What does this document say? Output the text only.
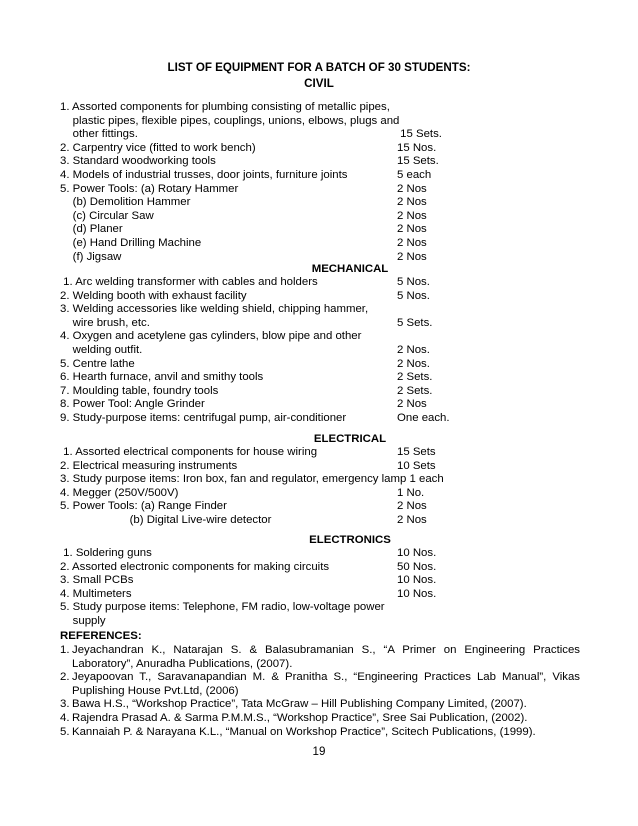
LIST OF EQUIPMENT FOR A BATCH OF 30 STUDENTS:
CIVIL
1. Assorted components for plumbing consisting of metallic pipes,
plastic pipes, flexible pipes, couplings, unions, elbows, plugs and
other fittings.	15 Sets.
2. Carpentry vice (fitted to work bench)	15 Nos.
3. Standard woodworking tools	15 Sets.
4. Models of industrial trusses, door joints, furniture joints	5 each
5. Power Tools: (a) Rotary Hammer	2 Nos
(b) Demolition Hammer	2 Nos
(c) Circular Saw	2 Nos
(d) Planer	2 Nos
(e) Hand Drilling Machine	2 Nos
(f) Jigsaw	2 Nos
MECHANICAL
1. Arc welding transformer with cables and holders	5 Nos.
2. Welding booth with exhaust facility	5 Nos.
3. Welding accessories like welding shield, chipping hammer,
wire brush, etc.	5 Sets.
4. Oxygen and acetylene gas cylinders, blow pipe and other
welding outfit.	2 Nos.
5. Centre lathe	2 Nos.
6. Hearth furnace, anvil and smithy tools	2 Sets.
7. Moulding table, foundry tools	2 Sets.
8. Power Tool: Angle Grinder	2 Nos
9. Study-purpose items: centrifugal pump, air-conditioner	One each.
ELECTRICAL
1. Assorted electrical components for house wiring	15 Sets
2. Electrical measuring instruments	10 Sets
3. Study purpose items: Iron box, fan and regulator, emergency lamp 1 each
4. Megger (250V/500V)	1 No.
5. Power Tools: (a) Range Finder	2 Nos
(b) Digital Live-wire detector	2 Nos
ELECTRONICS
1. Soldering guns	10 Nos.
2. Assorted electronic components for making circuits	50 Nos.
3. Small PCBs	10 Nos.
4. Multimeters	10 Nos.
5. Study purpose items: Telephone, FM radio, low-voltage power
supply
REFERENCES:
1. Jeyachandran K., Natarajan S. & Balasubramanian S., “A Primer on Engineering Practices Laboratory”, Anuradha Publications, (2007).
2. Jeyapoovan T., Saravanapandian M. & Pranitha S., “Engineering Practices Lab Manual”, Vikas Puplishing House Pvt.Ltd, (2006)
3. Bawa H.S., “Workshop Practice”, Tata McGraw – Hill Publishing Company Limited, (2007).
4. Rajendra Prasad A. & Sarma P.M.M.S., “Workshop Practice”, Sree Sai Publication, (2002).
5. Kannaiah P. & Narayana K.L., “Manual on Workshop Practice”, Scitech Publications, (1999).
19
